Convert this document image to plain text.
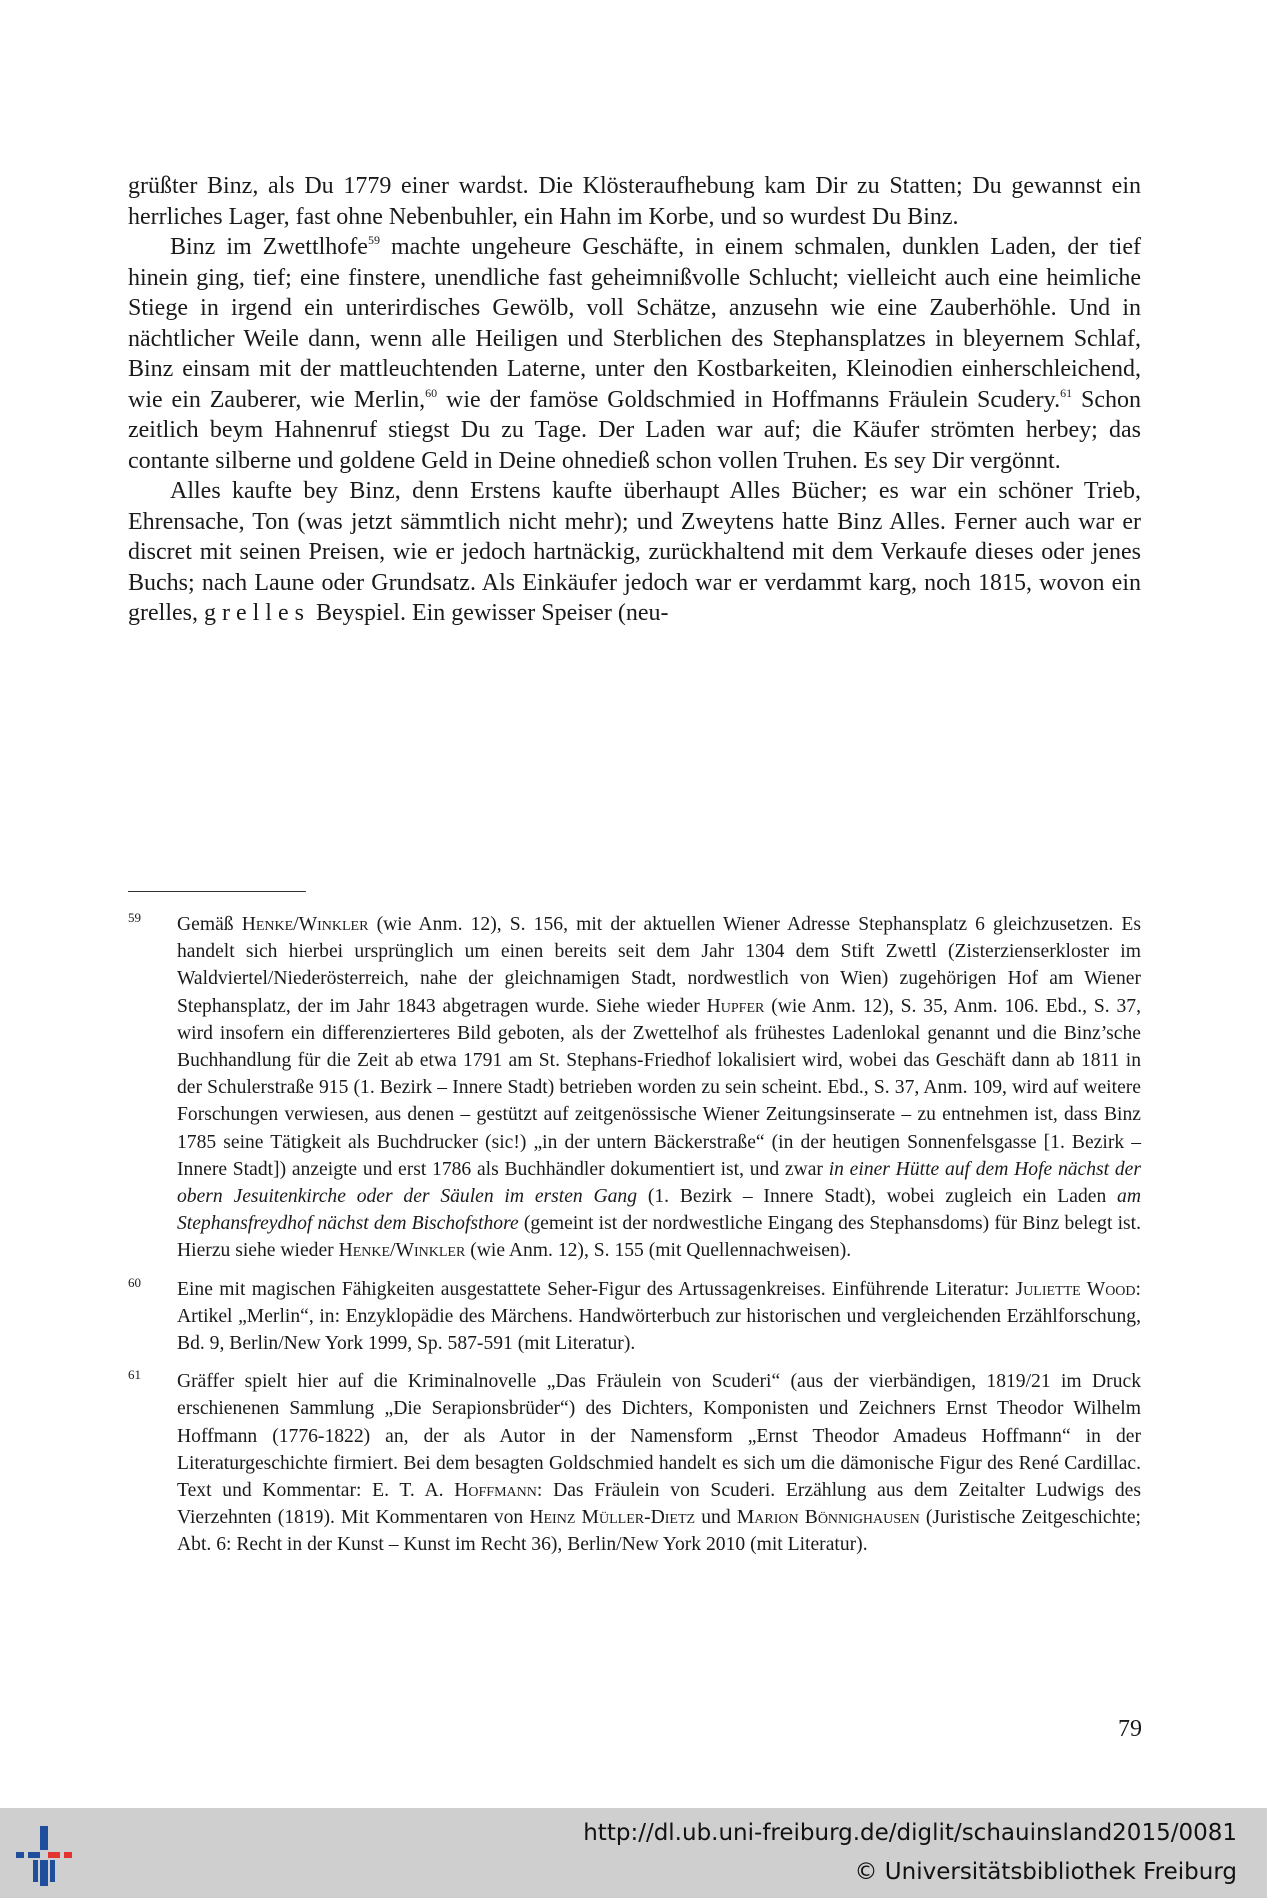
grüßter Binz, als Du 1779 einer wardst. Die Klösteraufhebung kam Dir zu Statten; Du gewannst ein herrliches Lager, fast ohne Nebenbuhler, ein Hahn im Korbe, und so wurdest Du Binz.

Binz im Zwettlhofe$^{59}$ machte ungeheure Geschäfte, in einem schmalen, dunklen Laden, der tief hinein ging, tief; eine finstere, unendliche fast geheimnißvolle Schlucht; vielleicht auch eine heimliche Stiege in irgend ein unterirdisches Gewölb, voll Schätze, anzusehn wie eine Zauberhöhle. Und in nächtlicher Weile dann, wenn alle Heiligen und Sterblichen des Stephansplatzes in bleyernem Schlaf, Binz einsam mit der mattleuchtenden Laterne, unter den Kostbarkeiten, Kleinodien einherschleichend, wie ein Zauberer, wie Merlin,$^{60}$ wie der famöse Goldschmied in Hoffmanns Fräulein Scudery.$^{61}$ Schon zeitlich beym Hahnenruf stiegst Du zu Tage. Der Laden war auf; die Käufer strömten herbey; das contante silberne und goldene Geld in Deine ohnedieß schon vollen Truhen. Es sey Dir vergönnt.

Alles kaufte bey Binz, denn Erstens kaufte überhaupt Alles Bücher; es war ein schöner Trieb, Ehrensache, Ton (was jetzt sämmtlich nicht mehr); und Zweytens hatte Binz Alles. Ferner auch war er discret mit seinen Preisen, wie er jedoch hartnäckig, zurückhaltend mit dem Verkaufe dieses oder jenes Buchs; nach Laune oder Grundsatz. Als Einkäufer jedoch war er verdammt karg, noch 1815, wovon ein grelles, grelles Beyspiel. Ein gewisser Speiser (neu-

59 Gemäß Henke/Winkler (wie Anm. 12), S. 156, mit der aktuellen Wiener Adresse Stephansplatz 6 gleichzusetzen. Es handelt sich hierbei ursprünglich um einen bereits seit dem Jahr 1304 dem Stift Zwettl (Zisterzienserkloster im Waldviertel/Niederösterreich, nahe der gleichnamigen Stadt, nordwestlich von Wien) zugehörigen Hof am Wiener Stephansplatz, der im Jahr 1843 abgetragen wurde. Siehe wieder Hupfer (wie Anm. 12), S. 35, Anm. 106. Ebd., S. 37, wird insofern ein differenzierteres Bild geboten, als der Zwettelhof als frühestes Ladenlokal genannt und die Binz’sche Buchhandlung für die Zeit ab etwa 1791 am St. Stephans-Friedhof lokalisiert wird, wobei das Geschäft dann ab 1811 in der Schulerstraße 915 (1. Bezirk – Innere Stadt) betrieben worden zu sein scheint. Ebd., S. 37, Anm. 109, wird auf weitere Forschungen verwiesen, aus denen – gestützt auf zeitgenössische Wiener Zeitungsinserate – zu entnehmen ist, dass Binz 1785 seine Tätigkeit als Buchdrucker (sic!) „in der untern Bäckerstraße“ (in der heutigen Sonnenfelsgasse [1. Bezirk – Innere Stadt]) anzeigte und erst 1786 als Buchhändler dokumentiert ist, und zwar in einer Hütte auf dem Hofe nächst der obern Jesuitenkirche oder der Säulen im ersten Gang (1. Bezirk – Innere Stadt), wobei zugleich ein Laden am Stephansfreydhof nächst dem Bischofsthore (gemeint ist der nordwestliche Eingang des Stephansdoms) für Binz belegt ist. Hierzu siehe wieder Henke/Winkler (wie Anm. 12), S. 155 (mit Quellennachweisen).
60 Eine mit magischen Fähigkeiten ausgestattete Seher-Figur des Artussagenkreises. Einführende Literatur: Juliette Wood: Artikel „Merlin“, in: Enzyklopädie des Märchens. Handwörterbuch zur historischen und vergleichenden Erzählforschung, Bd. 9, Berlin/New York 1999, Sp. 587-591 (mit Literatur).
61 Gräffer spielt hier auf die Kriminalnovelle „Das Fräulein von Scuderi“ (aus der vierbändigen, 1819/21 im Druck erschienenen Sammlung „Die Serapionsbrüder“) des Dichters, Komponisten und Zeichners Ernst Theodor Wilhelm Hoffmann (1776-1822) an, der als Autor in der Namensform „Ernst Theodor Amadeus Hoffmann“ in der Literaturgeschichte firmiert. Bei dem besagten Goldschmied handelt es sich um die dämonische Figur des René Cardillac. Text und Kommentar: E. T. A. Hoffmann: Das Fräulein von Scuderi. Erzählung aus dem Zeitalter Ludwigs des Vierzehnten (1819). Mit Kommentaren von Heinz Müller-Dietz und Marion Bönnighausen (Juristische Zeitgeschichte; Abt. 6: Recht in der Kunst – Kunst im Recht 36), Berlin/New York 2010 (mit Literatur).
79
http://dl.ub.uni-freiburg.de/diglit/schauinsland2015/0081
© Universitätsbibliothek Freiburg
